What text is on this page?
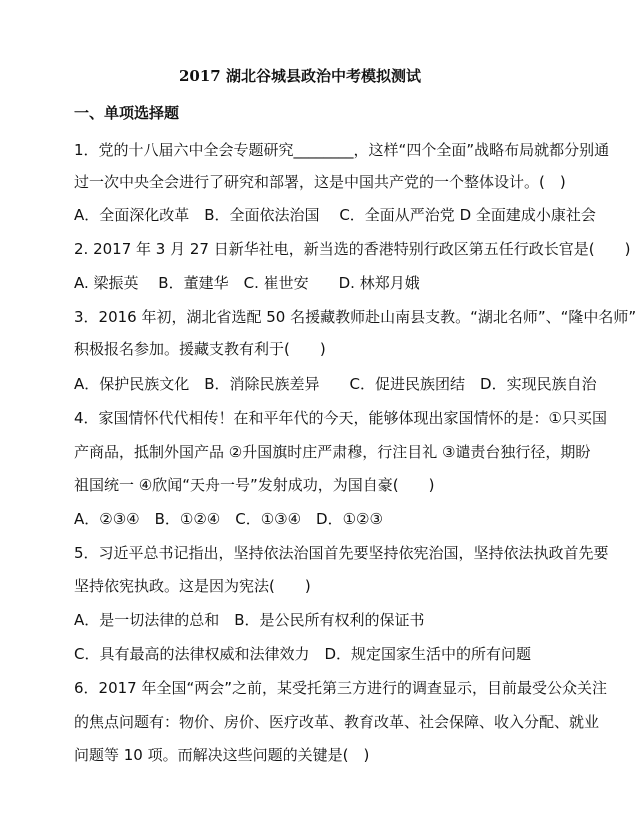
2017 湖北谷城县政治中考模拟测试
一、单项选择题
1．党的十八届六中全会专题研究________，这样“四个全面”战略布局就都分别通
过一次中央全会进行了研究和部署，这是中国共产党的一个整体设计。(　)
A．全面深化改革　B．全面依法治国　 C．全面从严治党 D 全面建成小康社会
2. 2017 年 3 月 27 日新华社电，新当选的香港特别行政区第五任行政长官是(　　)
A. 梁振英　 B．董建华　C. 崔世安　　D. 林郑月娥
3．2016 年初，湖北省选配 50 名援藏教师赴山南县支教。“湖北名师”、“隆中名师”
积极报名参加。援藏支教有利于(　　)
A．保护民族文化　B．消除民族差异　　C．促进民族团结　D．实现民族自治
4．家国情怀代代相传！在和平年代的今天，能够体现出家国情怀的是：①只买国
产商品，抵制外国产品 ②升国旗时庄严肃穆，行注目礼 ③谴责台独行径，期盼
祖国统一 ④欣闻“天舟一号”发射成功，为国自豪(　　)
A．②③④　B．①②④　C．①③④　D．①②③
5．习近平总书记指出，坚持依法治国首先要坚持依宪治国，坚持依法执政首先要
坚持依宪执政。这是因为宪法(　　)
A．是一切法律的总和　B．是公民所有权利的保证书
C．具有最高的法律权威和法律效力　D．规定国家生活中的所有问题
6．2017 年全国“两会”之前，某受托第三方进行的调查显示，目前最受公众关注
的焦点问题有：物价、房价、医疗改革、教育改革、社会保障、收入分配、就业
问题等 10 项。而解决这些问题的关键是(　)
